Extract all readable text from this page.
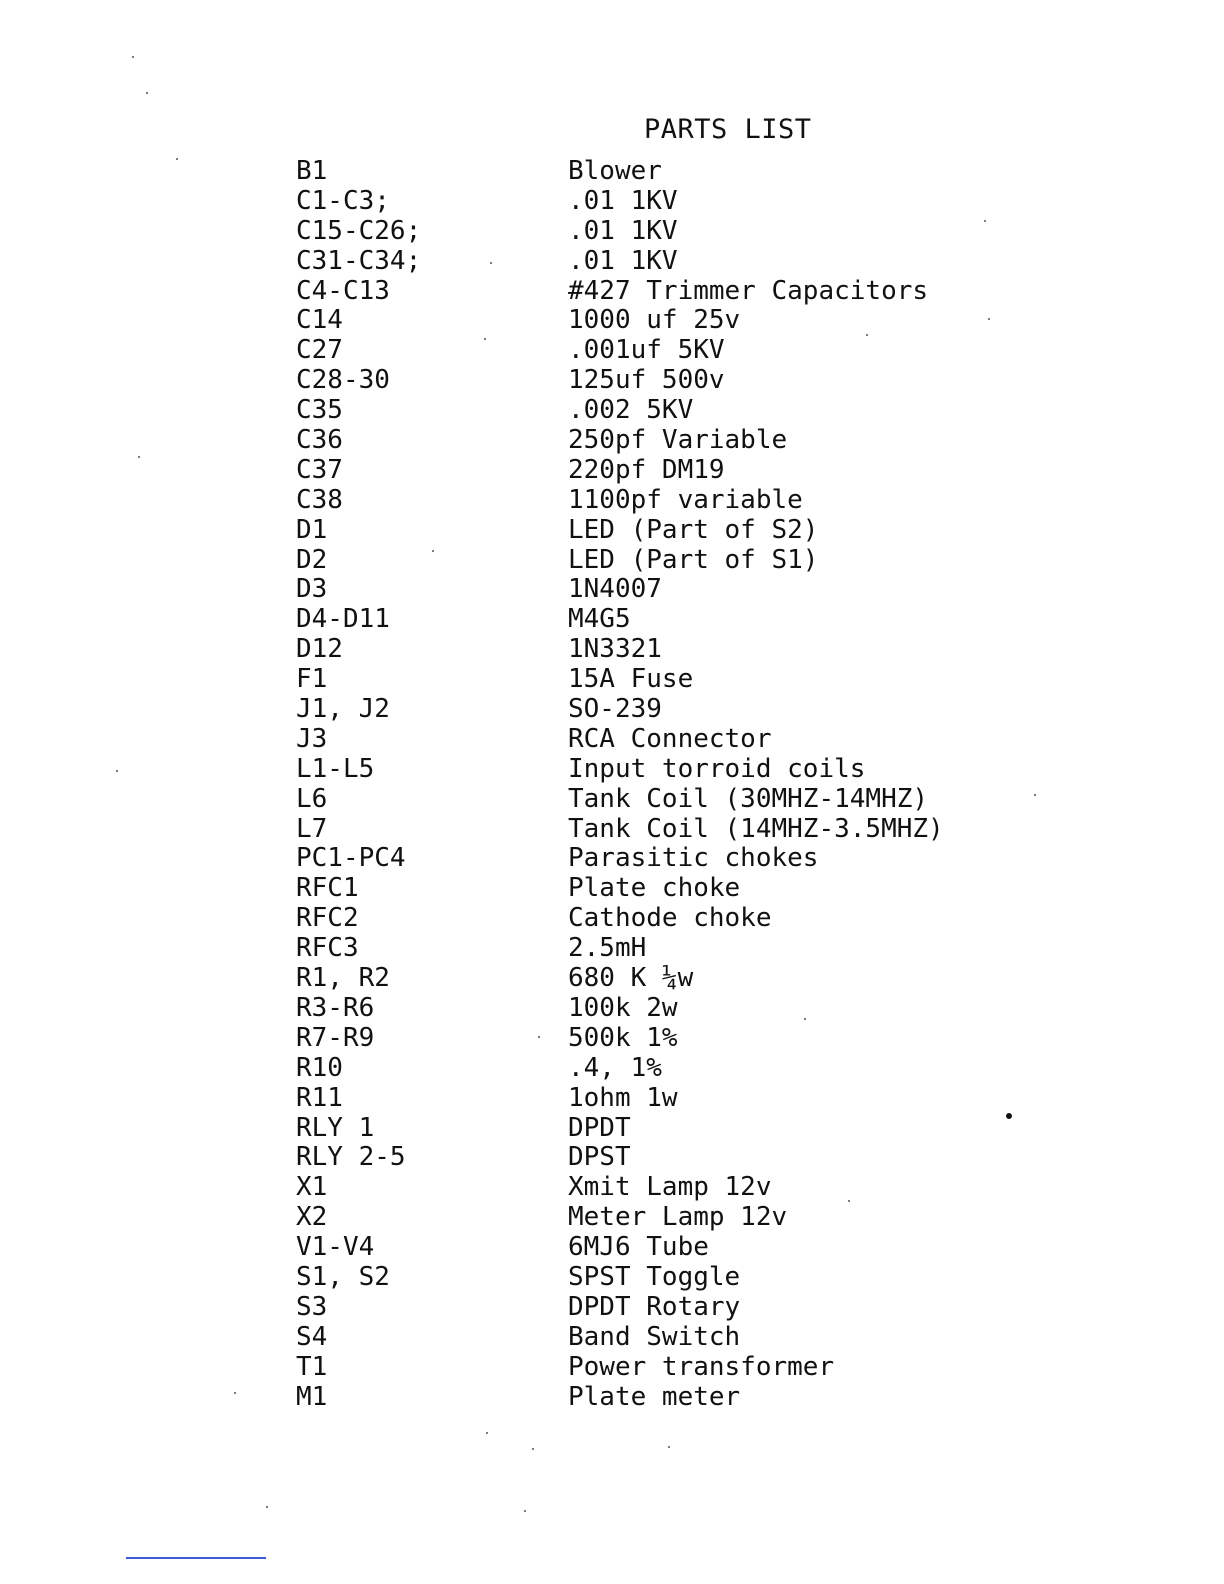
PARTS LIST
B1	Blower
C1-C3;	.01 1KV
C15-C26;	.01 1KV
C31-C34;	.01 1KV
C4-C13	#427 Trimmer Capacitors
C14	1000 uf 25v
C27	.001uf 5KV
C28-30	125uf 500v
C35	.002 5KV
C36	250pf Variable
C37	220pf DM19
C38	1100pf variable
D1	LED (Part of S2)
D2	LED (Part of S1)
D3	1N4007
D4-D11	M4G5
D12	1N3321
F1	15A Fuse
J1, J2	SO-239
J3	RCA Connector
L1-L5	Input torroid coils
L6	Tank Coil (30MHZ-14MHZ)
L7	Tank Coil (14MHZ-3.5MHZ)
PC1-PC4	Parasitic chokes
RFC1	Plate choke
RFC2	Cathode choke
RFC3	2.5mH
R1, R2	680 K ¼w
R3-R6	100k 2w
R7-R9	500k 1%
R10	.4, 1%
R11	1ohm 1w
RLY 1	DPDT
RLY 2-5	DPST
X1	Xmit Lamp 12v
X2	Meter Lamp 12v
V1-V4	6MJ6 Tube
S1, S2	SPST Toggle
S3	DPDT Rotary
S4	Band Switch
T1	Power transformer
M1	Plate meter
